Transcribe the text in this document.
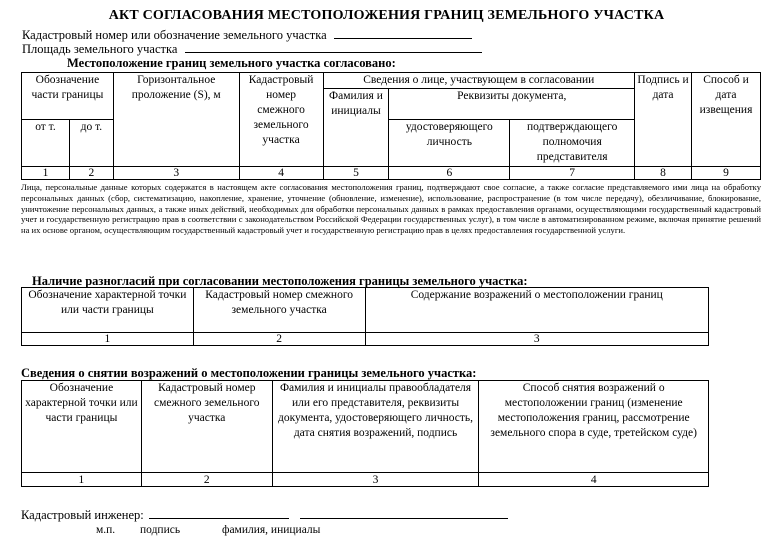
АКТ СОГЛАСОВАНИЯ МЕСТОПОЛОЖЕНИЯ ГРАНИЦ ЗЕМЕЛЬНОГО УЧАСТКА
Кадастровый номер или обозначение земельного участка
Площадь земельного участка
Местоположение границ земельного участка согласовано:
Обозначение части границы		Горизонтальное проложение (S), м	Кадастровый номер смежного земельного участка	Сведения о лице, участвующем в согласовании			Подпись и дата	Способ и дата извещения
				Фамилия и инициалы	Реквизиты документа,			
от т.	до т.				удостоверяющего личность	подтверждающего полномочия представителя		
1	2	3	4	5	6	7	8	9
Лица, персональные данные которых содержатся в настоящем акте согласования местоположения границ, подтверждают свое согласие, а также согласие представляемого ими лица на обработку персональных данных (сбор, систематизацию, накопление, хранение, уточнение (обновление, изменение), использование, распространение (в том числе передачу), обезличивание, блокирование, уничтожение персональных данных, а также иных действий, необходимых для обработки персональных данных в рамках предоставления органами, осуществляющими государственный кадастровый учет и государственную регистрацию прав в соответствии с законодательством Российской Федерации государственных услуг), в том числе в автоматизированном режиме, включая принятие решений на их основе органом, осуществляющим государственный кадастровый учет и государственную регистрацию прав в целях предоставления государственной услуги.
Наличие разногласий при согласовании местоположения границы земельного участка:
Обозначение характерной точки или части границы	Кадастровый номер смежного земельного участка	Содержание возражений о местоположении границ
1	2	3
Сведения о снятии возражений о местоположении границы земельного участка:
Обозначение характерной точки или части границы	Кадастровый номер смежного земельного участка	Фамилия и инициалы правообладателя или его представителя, реквизиты документа, удостоверяющего личность, дата снятия возражений, подпись	Способ снятия возражений о местоположении границ (изменение местоположения границ, рассмотрение земельного спора в суде, третейском суде)
1	2	3	4
Кадастровый инженер:
м.п. подпись	фамилия, инициалы
